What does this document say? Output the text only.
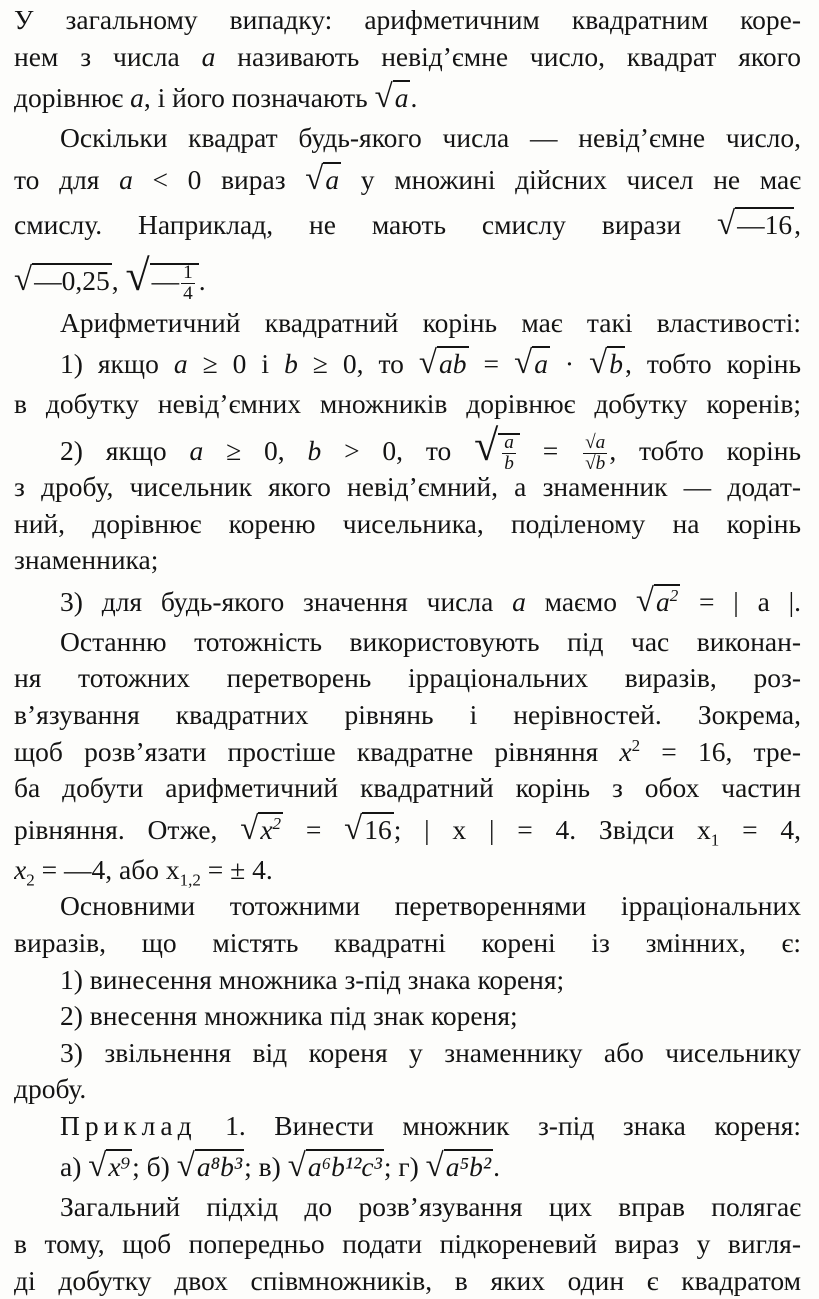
У загальному випадку: арифметичним квадратним коре-
нем з числа a називають невід’ємне число, квадрат якого
дорівнює a, і його позначають √a.
Оскільки квадрат будь-якого числа — невід’ємне число,
то для a < 0 вираз √a у множині дійсних чисел не має
смислу. Наприклад, не мають смислу вирази √—16,
√—0,25, √— $\frac{1}{4}$ .
Арифметичний квадратний корінь має такі властивості:
1) якщо a ≥ 0 і b ≥ 0, то √ab = √a · √b, тобто корінь
в добутку невід’ємних множників дорівнює добутку коренів;
2) якщо a ≥ 0, b > 0, то √ $\frac{a}{b} = \frac{√a}{√b}$ , тобто корінь
з дробу, чисельник якого невід’ємний, а знаменник — додат-
ний, дорівнює кореню чисельника, поділеному на корінь
знаменника;
3) для будь-якого значення числа a маємо $√a^2$ = | a |.
Останню тотожність використовують під час виконан-
ня тотожних перетворень ірраціональних виразів, роз-
в’язування квадратних рівнянь і нерівностей. Зокрема,
щоб розв’язати простіше квадратне рівняння $x^2 = 16$, тре-
ба добути арифметичний квадратний корінь з обох частин
рівняння. Отже, $√x^2 = √16$; | x | = 4. Звідси $x_1 = 4$,
$x_2$ = —4, або $x_{1,2}$ = ± 4.
Основними тотожними перетвореннями ірраціональних
виразів, що містять квадратні корені із змінних, є:
1) винесення множника з-під знака кореня;
2) внесення множника під знак кореня;
3) звільнення від кореня у знаменнику або чисельнику
дробу.
Приклад 1. Винести множник з-під знака кореня:
а) √x⁹; б) √a⁸b³; в) √a⁶b¹²c³; г) √a⁵b².
Загальний підхід до розв’язування цих вправ полягає
в тому, щоб попередньо подати підкореневий вираз у вигля-
ді добутку двох співмножників, в яких один є квадратом
